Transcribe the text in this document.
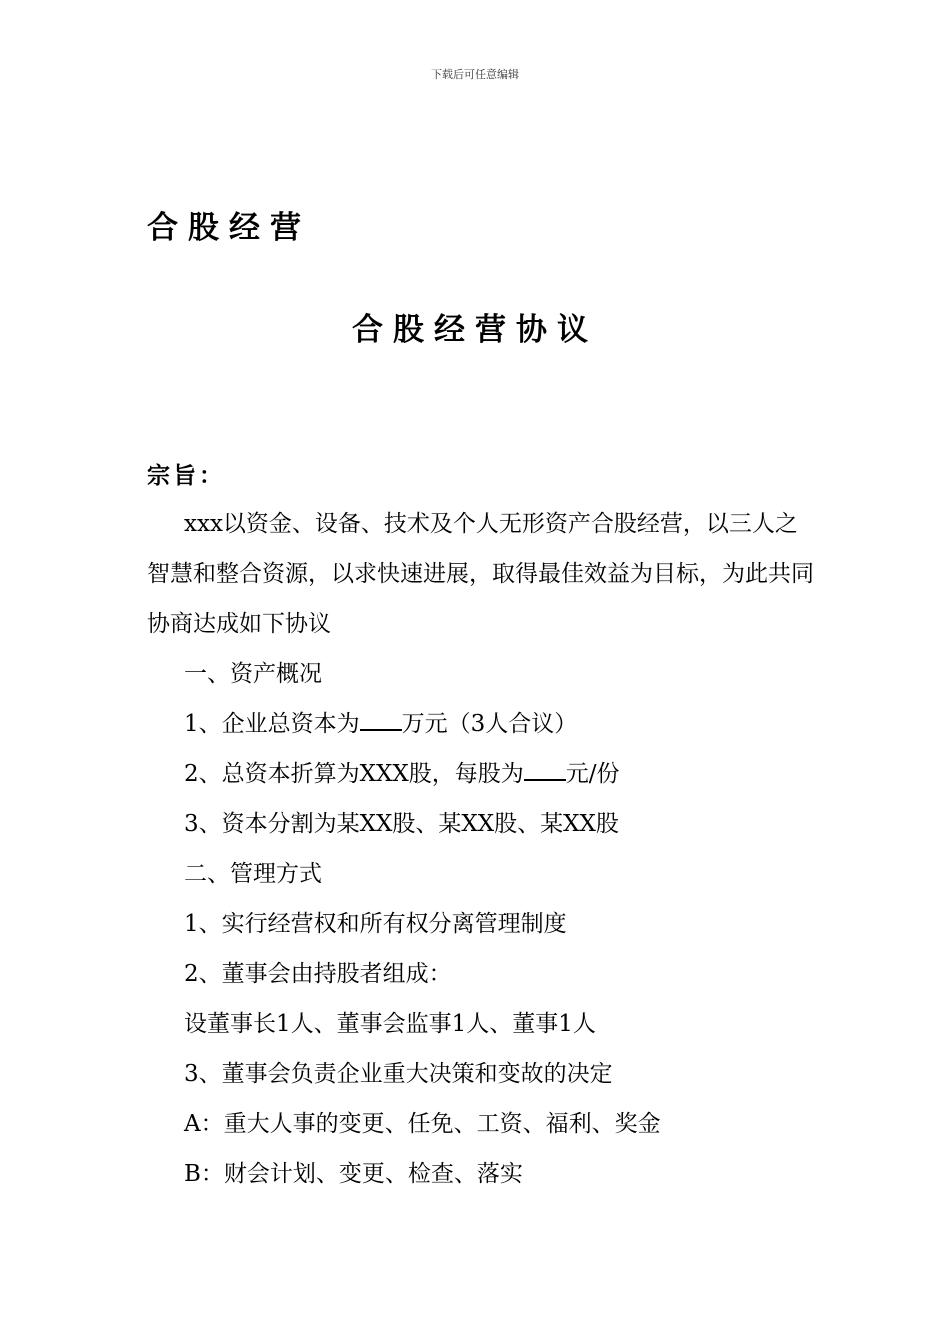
下载后可任意编辑
合股经营
合股经营协议
宗旨：

xxx以资金、设备、技术及个人无形资产合股经营，以三人之智慧和整合资源，以求快速进展，取得最佳效益为目标，为此共同协商达成如下协议

一、资产概况

1、企业总资本为 万元（3人合议）

2、总资本折算为XXX股，每股为 元/份

3、资本分割为某XX股、某XX股、某XX股

二、管理方式

1、实行经营权和所有权分离管理制度

2、董事会由持股者组成：

设董事长1人、董事会监事1人、董事1人

3、董事会负责企业重大决策和变故的决定

A：重大人事的变更、任免、工资、福利、奖金

B：财会计划、变更、检查、落实
